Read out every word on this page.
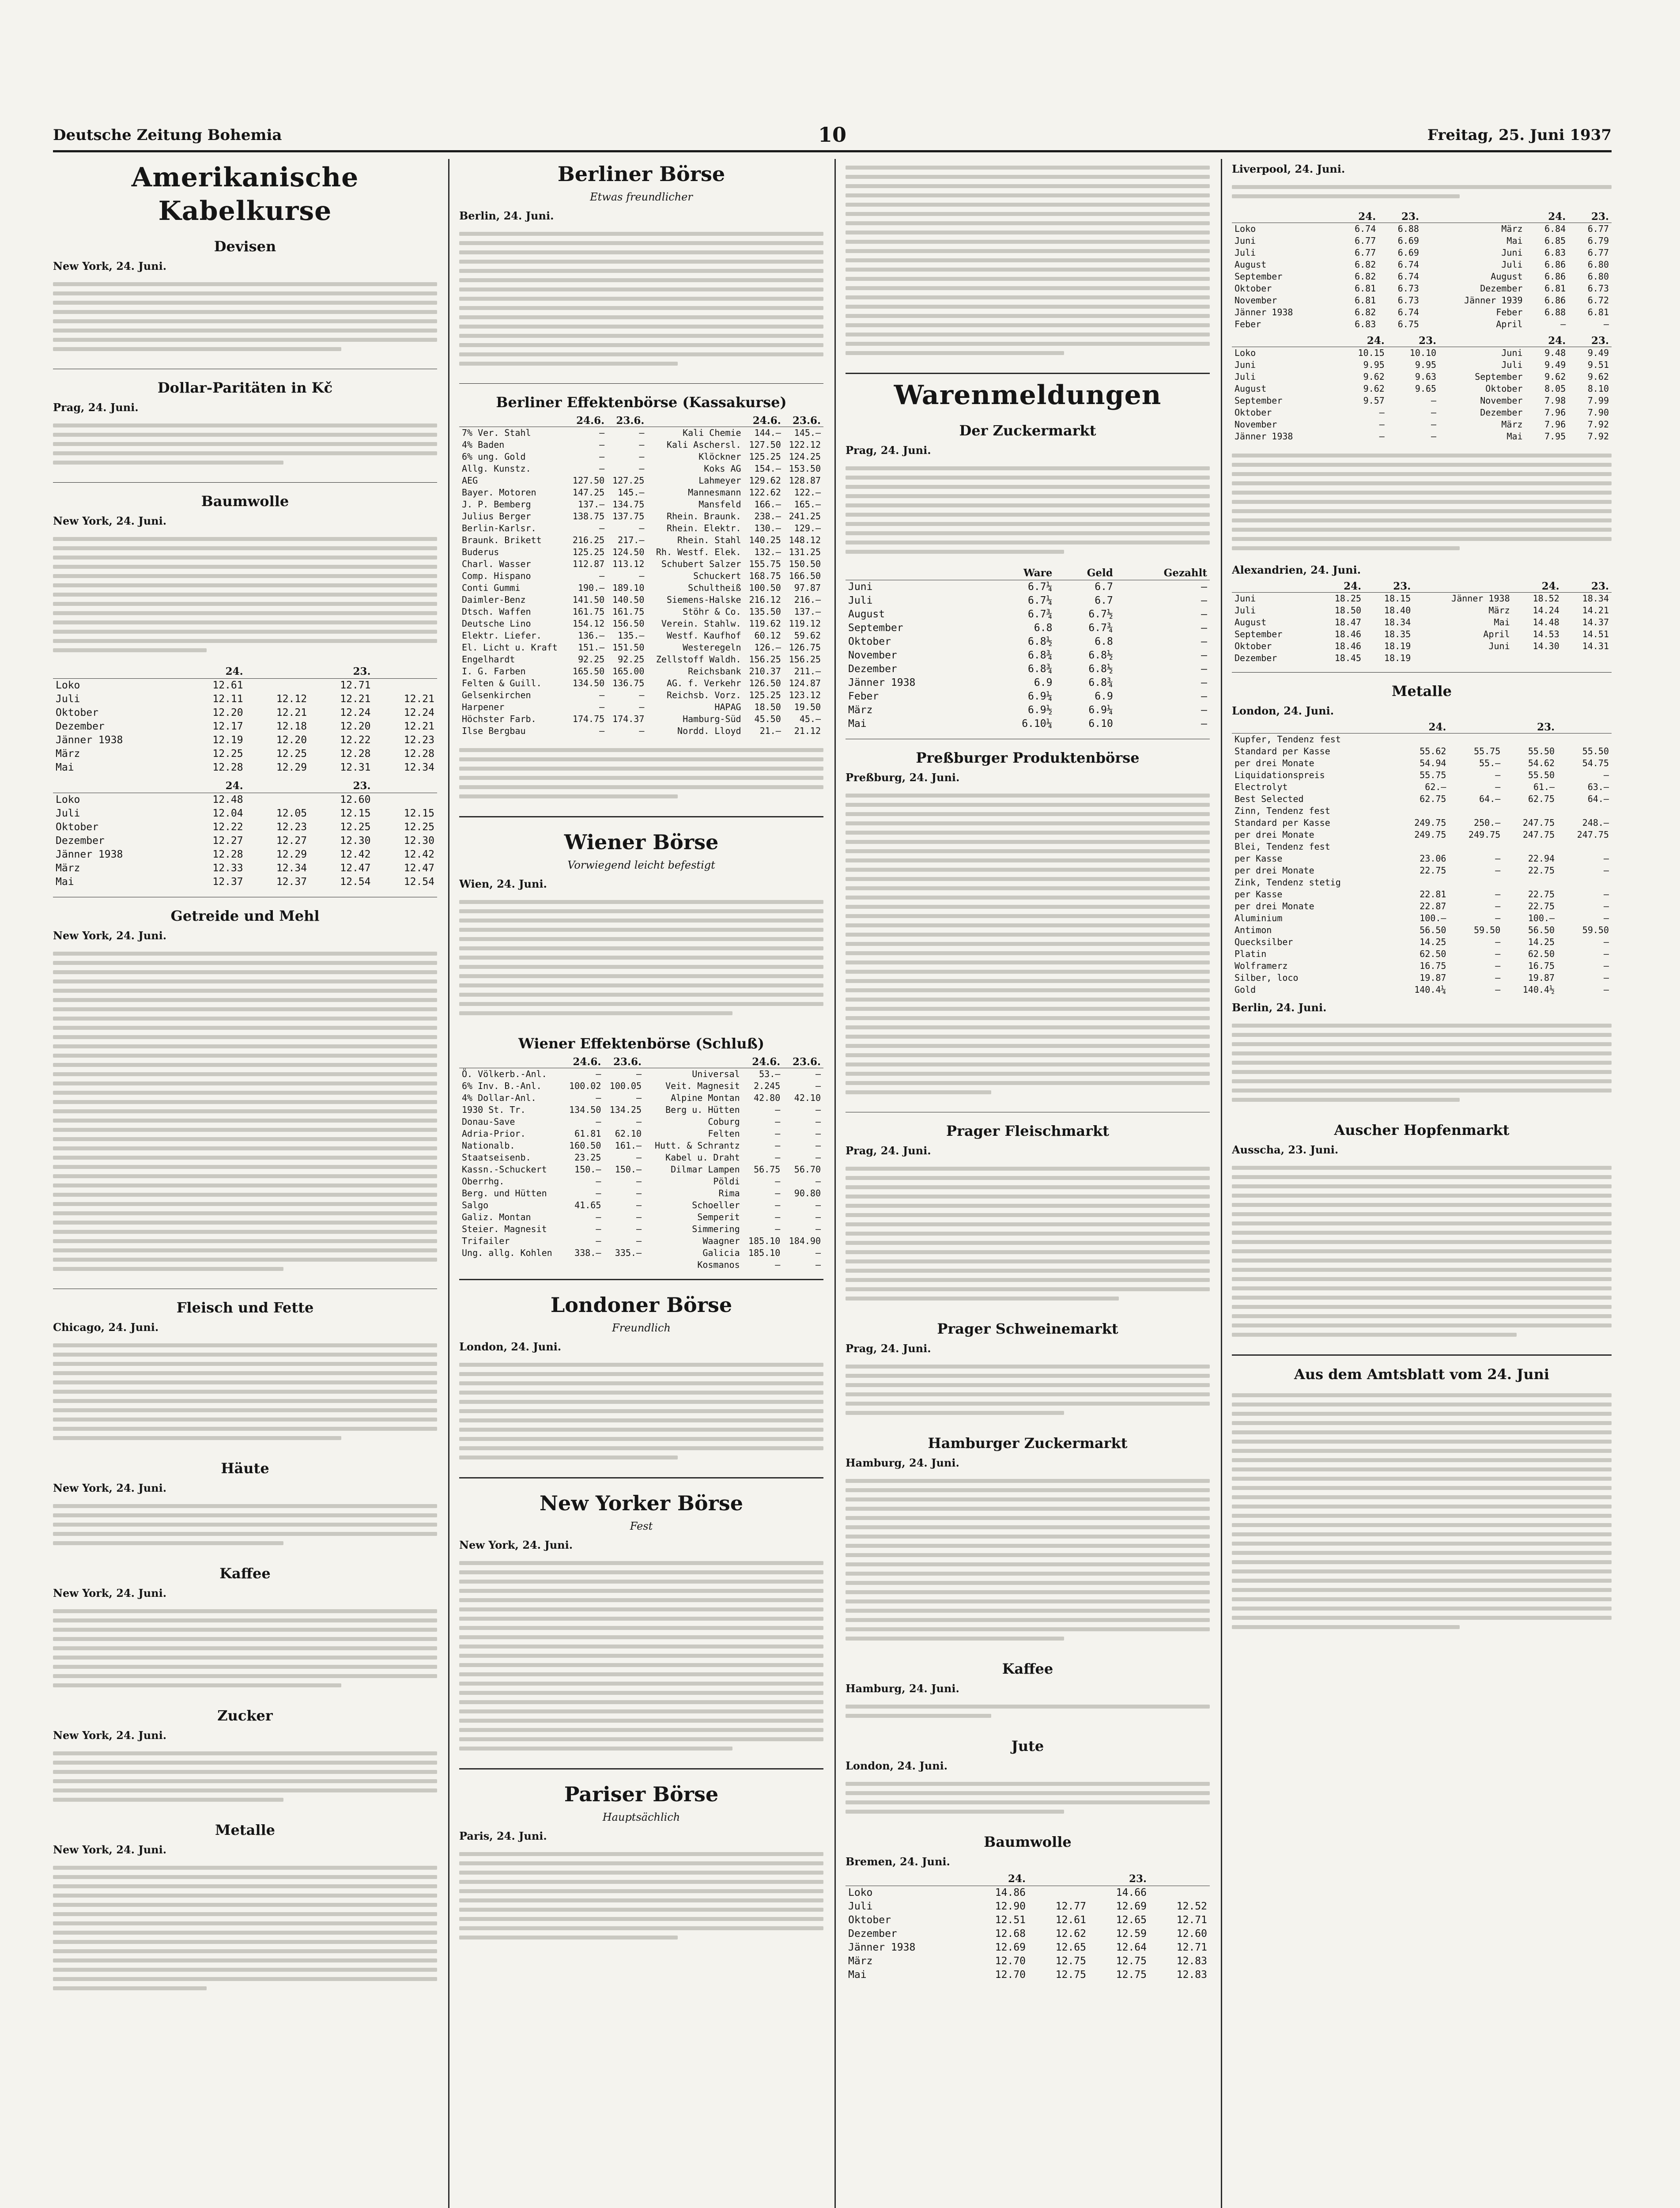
Deutsche Zeitung Bohemia	10	Freitag, 25. Juni 1937
Amerikanische Kabelkurse
Devisen
New York, 24. Juni.
Dollar-Paritäten in Kč
Prag, 24. Juni.
Baumwolle
New York, 24. Juni.
	24.		23.	
Loko	12.61		12.71	
Juli	12.11	12.12	12.21	12.21
Oktober	12.20	12.21	12.24	12.24
Dezember	12.17	12.18	12.20	12.21
Jänner 1938	12.19	12.20	12.22	12.23
März	12.25	12.25	12.28	12.28
Mai	12.28	12.29	12.31	12.34
	24.		23.	
Loko	12.48		12.60	
Juli	12.04	12.05	12.15	12.15
Oktober	12.22	12.23	12.25	12.25
Dezember	12.27	12.27	12.30	12.30
Jänner 1938	12.28	12.29	12.42	12.42
März	12.33	12.34	12.47	12.47
Mai	12.37	12.37	12.54	12.54
Getreide und Mehl
New York, 24. Juni.
Fleisch und Fette
Chicago, 24. Juni.
Häute
New York, 24. Juni.
Kaffee
New York, 24. Juni.
Zucker
New York, 24. Juni.
Metalle
New York, 24. Juni.
Berliner Börse
Etwas freundlicher
Berlin, 24. Juni.
Berliner Effektenbörse (Kassakurse)
	24.6.	23.6.		24.6.	23.6.
7% Ver. Stahl	—	—	Kali Chemie	144.—	145.—
4% Baden	—	—	Kali Aschersl.	127.50	122.12
6% ung. Gold	—	—	Klöckner	125.25	124.25
Allg. Kunstz.	—	—	Koks AG	154.—	153.50
AEG	127.50	127.25	Lahmeyer	129.62	128.87
Bayer. Motoren	147.25	145.—	Mannesmann	122.62	122.—
J. P. Bemberg	137.—	134.75	Mansfeld	166.—	165.—
Julius Berger	138.75	137.75	Rhein. Braunk.	238.—	241.25
Berlin-Karlsr.	—	—	Rhein. Elektr.	130.—	129.—
Braunk. Brikett	216.25	217.—	Rhein. Stahl	140.25	148.12
Buderus	125.25	124.50	Rh. Westf. Elek.	132.—	131.25
Charl. Wasser	112.87	113.12	Schubert Salzer	155.75	150.50
Comp. Hispano	—	—	Schuckert	168.75	166.50
Conti Gummi	190.—	189.10	Schultheiß	100.50	97.87
Daimler-Benz	141.50	140.50	Siemens-Halske	216.12	216.—
Dtsch. Waffen	161.75	161.75	Stöhr & Co.	135.50	137.—
Deutsche Lino	154.12	156.50	Verein. Stahlw.	119.62	119.12
Elektr. Liefer.	136.—	135.—	Westf. Kaufhof	60.12	59.62
El. Licht u. Kraft	151.—	151.50	Westeregeln	126.—	126.75
Engelhardt	92.25	92.25	Zellstoff Waldh.	156.25	156.25
I. G. Farben	165.50	165.00	Reichsbank	210.37	211.—
Felten & Guill.	134.50	136.75	AG. f. Verkehr	126.50	124.87
Gelsenkirchen	—	—	Reichsb. Vorz.	125.25	123.12
Harpener	—	—	HAPAG	18.50	19.50
Höchster Farb.	174.75	174.37	Hamburg-Süd	45.50	45.—
Ilse Bergbau	—	—	Nordd. Lloyd	21.—	21.12
Wiener Börse
Vorwiegend leicht befestigt
Wien, 24. Juni.
Wiener Effektenbörse (Schluß)
	24.6.	23.6.		24.6.	23.6.
Ö. Völkerb.-Anl.	—	—	Universal	53.—	—
6% Inv. B.-Anl.	100.02	100.05	Veit. Magnesit	2.245	—
4% Dollar-Anl.	—	—	Alpine Montan	42.80	42.10
1930 St. Tr.	134.50	134.25	Berg u. Hütten	—	—
Donau-Save	—	—	Coburg	—	—
Adria-Prior.	61.81	62.10	Felten	—	—
Nationalb.	160.50	161.—	Hutt. & Schrantz	—	—
Staatseisenb.	23.25	—	Kabel u. Draht	—	—
Kassn.-Schuckert	150.—	150.—	Dilmar Lampen	56.75	56.70
Oberrhg.	—	—	Pöldi	—	—
Berg. und Hütten	—	—	Rima	—	90.80
Salgo	41.65	—	Schoeller	—	—
Galiz. Montan	—	—	Semperit	—	—
Steier. Magnesit	—	—	Simmering	—	—
Trifailer	—	—	Waagner	185.10	184.90
Ung. allg. Kohlen	338.—	335.—	Galicia	185.10	—
			Kosmanos	—	—
Londoner Börse
Freundlich
London, 24. Juni.
New Yorker Börse
Fest
New York, 24. Juni.
Pariser Börse
Hauptsächlich
Paris, 24. Juni.
Warenmeldungen
Der Zuckermarkt
Prag, 24. Juni.
	Ware	Geld	Gezahlt
Juni	6.7¼	6.7	—
Juli	6.7¼	6.7	—
August	6.7¾	6.7½	—
September	6.8	6.7¾	—
Oktober	6.8½	6.8	—
November	6.8¾	6.8½	—
Dezember	6.8¾	6.8½	—
Jänner 1938	6.9	6.8¾	—
Feber	6.9¼	6.9	—
März	6.9½	6.9¼	—
Mai	6.10¼	6.10	—
Preßburger Produktenbörse
Preßburg, 24. Juni.
Prager Fleischmarkt
Prag, 24. Juni.
Prager Schweinemarkt
Prag, 24. Juni.
Hamburger Zuckermarkt
Hamburg, 24. Juni.
Kaffee
Hamburg, 24. Juni.
Jute
London, 24. Juni.
Baumwolle
Bremen, 24. Juni.
	24.		23.	
Loko	14.86		14.66	
Juli	12.90	12.77	12.69	12.52
Oktober	12.51	12.61	12.65	12.71
Dezember	12.68	12.62	12.59	12.60
Jänner 1938	12.69	12.65	12.64	12.71
März	12.70	12.75	12.75	12.83
Mai	12.70	12.75	12.75	12.83
Liverpool, 24. Juni.
	24.	23.		24.	23.
Loko	6.74	6.88	März	6.84	6.77
Juni	6.77	6.69	Mai	6.85	6.79
Juli	6.77	6.69	Juni	6.83	6.77
August	6.82	6.74	Juli	6.86	6.80
September	6.82	6.74	August	6.86	6.80
Oktober	6.81	6.73	Dezember	6.81	6.73
November	6.81	6.73	Jänner 1939	6.86	6.72
Jänner 1938	6.82	6.74	Feber	6.88	6.81
Feber	6.83	6.75	April	—	—
	24.	23.		24.	23.
Loko	10.15	10.10	Juni	9.48	9.49
Juni	9.95	9.95	Juli	9.49	9.51
Juli	9.62	9.63	September	9.62	9.62
August	9.62	9.65	Oktober	8.05	8.10
September	9.57	—	November	7.98	7.99
Oktober	—	—	Dezember	7.96	7.90
November	—	—	März	7.96	7.92
Jänner 1938	—	—	Mai	7.95	7.92
Alexandrien, 24. Juni.
	24.	23.		24.	23.
Juni	18.25	18.15	Jänner 1938	18.52	18.34
Juli	18.50	18.40	März	14.24	14.21
August	18.47	18.34	Mai	14.48	14.37
September	18.46	18.35	April	14.53	14.51
Oktober	18.46	18.19	Juni	14.30	14.31
Dezember	18.45	18.19			
Metalle
London, 24. Juni.
	24.		23.	
Kupfer, Tendenz fest				
Standard per Kasse	55.62	55.75	55.50	55.50
per drei Monate	54.94	55.—	54.62	54.75
Liquidationspreis	55.75	—	55.50	—
Electrolyt	62.—	—	61.—	63.—
Best Selected	62.75	64.—	62.75	64.—
Zinn, Tendenz fest				
Standard per Kasse	249.75	250.—	247.75	248.—
per drei Monate	249.75	249.75	247.75	247.75
Blei, Tendenz fest				
per Kasse	23.06	—	22.94	—
per drei Monate	22.75	—	22.75	—
Zink, Tendenz stetig				
per Kasse	22.81	—	22.75	—
per drei Monate	22.87	—	22.75	—
Aluminium	100.—	—	100.—	—
Antimon	56.50	59.50	56.50	59.50
Quecksilber	14.25	—	14.25	—
Platin	62.50	—	62.50	—
Wolframerz	16.75	—	16.75	—
Silber, loco	19.87	—	19.87	—
Gold	140.4¼	—	140.4½	—
Berlin, 24. Juni.
Auscher Hopfenmarkt
Ausscha, 23. Juni.
Aus dem Amtsblatt vom 24. Juni
